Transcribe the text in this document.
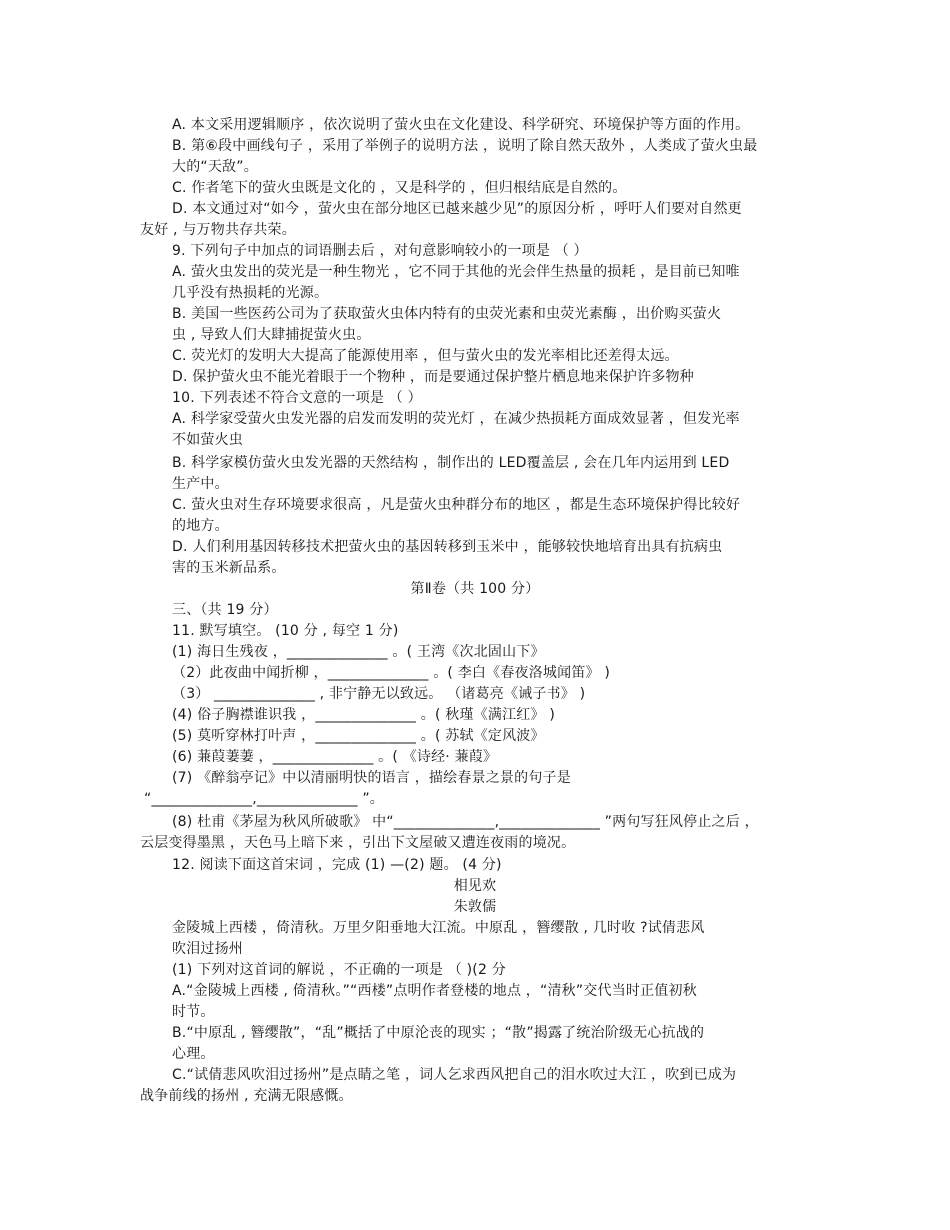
A. 本文采用逻辑顺序 ，依次说明了萤火虫在文化建设、科学研究、环境保护等方面的作用。
B. 第⑥段中画线句子 ，采用了举例子的说明方法 ，说明了除自然天敌外 ，人类成了萤火虫最
大的“天敌”。
C. 作者笔下的萤火虫既是文化的 ，又是科学的 ，但归根结底是自然的。
D. 本文通过对“如今 ，萤火虫在部分地区已越来越少见”的原因分析 ，呼吁人们要对自然更
友好 , 与万物共存共荣。
9. 下列句子中加点的词语删去后 ，对句意影响较小的一项是 （ ）
A. 萤火虫发出的荧光是一种生物光 ，它不同于其他的光会伴生热量的损耗 ，是目前已知唯
几乎没有热损耗的光源。
B. 美国一些医药公司为了获取萤火虫体内特有的虫荧光素和虫荧光素酶 ，出价购买萤火
虫 , 导致人们大肆捕捉萤火虫。
C. 荧光灯的发明大大提高了能源使用率 ，但与萤火虫的发光率相比还差得太远。
D. 保护萤火虫不能光着眼于一个物种 ，而是要通过保护整片栖息地来保护许多物种
10. 下列表述不符合文意的一项是 （ ）
A. 科学家受萤火虫发光器的启发而发明的荧光灯 ，在减少热损耗方面成效显著 ，但发光率
不如萤火虫
B. 科学家模仿萤火虫发光器的天然结构 ，制作出的 LED覆盖层 , 会在几年内运用到 LED
生产中。
C. 萤火虫对生存环境要求很高 ，凡是萤火虫种群分布的地区 ，都是生态环境保护得比较好
的地方。
D. 人们利用基因转移技术把萤火虫的基因转移到玉米中 ，能够较快地培育出具有抗病虫
害的玉米新品系。
第Ⅱ卷（共 100 分）
三、（共 19 分）
11. 默写填空。 (10 分 , 每空 1 分)
(1) 海日生残夜 ，______________ 。( 王湾《次北固山下》
（2）此夜曲中闻折柳 ，______________ 。( 李白《春夜洛城闻笛》 )
（3） ______________ , 非宁静无以致远。 （诸葛亮《诫子书》 )
(4) 俗子胸襟谁识我 ，______________ 。( 秋瑾《满江红》 )
(5) 莫听穿林打叶声 ，______________ 。( 苏轼《定风波》
(6) 蒹葭萋萋 ，______________ 。( 《诗经· 蒹葭》
(7) 《醉翁亭记》中以清丽明快的语言 ，描绘春景之景的句子是
“______________,______________ ”。
(8) 杜甫《茅屋为秋风所破歌》 中“______________,______________ ”两句写狂风停止之后 ，
云层变得墨黑 ，天色马上暗下来 ，引出下文屋破又遭连夜雨的境况。
12. 阅读下面这首宋词 ，完成 (1) —(2) 题。 (4 分)
相见欢
朱敦儒
金陵城上西楼 ，倚清秋。万里夕阳垂地大江流。中原乱 ，簪缨散 , 几时收 ?试倩悲风
吹泪过扬州
(1) 下列对这首词的解说 ，不正确的一项是 （ )(2 分
A.“金陵城上西楼 , 倚清秋。”“西楼”点明作者登楼的地点 ，“清秋”交代当时正值初秋
时节。
B.“中原乱 , 簪缨散”，“乱”概括了中原沦丧的现实 ；“散”揭露了统治阶级无心抗战的
心理。
C.“试倩悲风吹泪过扬州”是点睛之笔 ，词人乞求西风把自己的泪水吹过大江 ，吹到已成为
战争前线的扬州 , 充满无限感慨。
